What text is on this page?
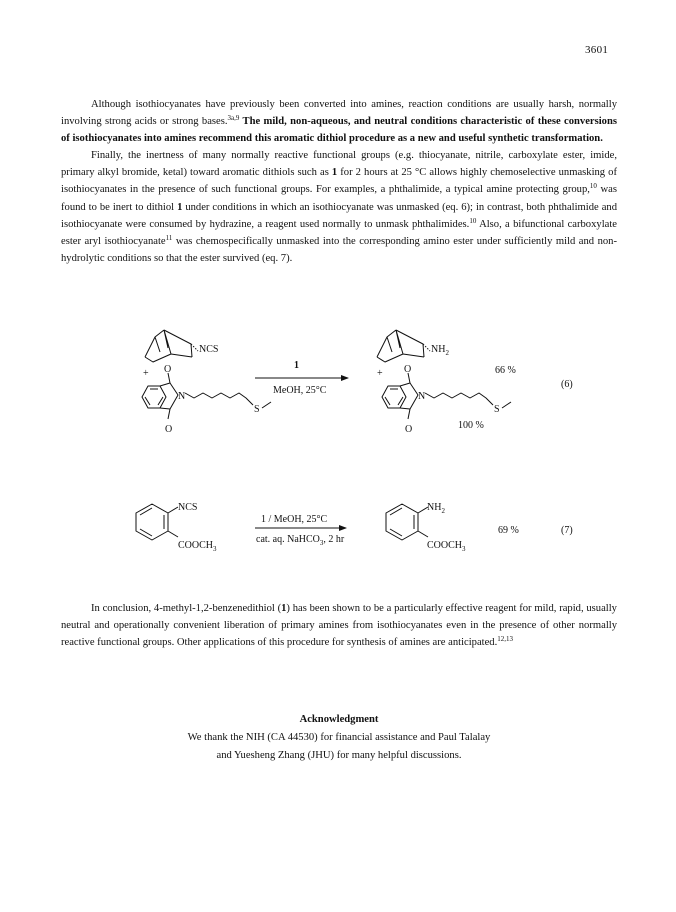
3601

Although isothiocyanates have previously been converted into amines, reaction conditions are usually harsh, normally involving strong acids or strong bases.$^{3a,9}$ The mild, non-aqueous, and neutral conditions characteristic of these conversions of isothiocyanates into amines recommend this aromatic dithiol procedure as a new and useful synthetic transformation.

Finally, the inertness of many normally reactive functional groups (e.g. thiocyanate, nitrile, carboxylate ester, imide, primary alkyl bromide, ketal) toward aromatic dithiols such as 1 for 2 hours at 25 °C allows highly chemoselective unmasking of isothiocyanates in the presence of such functional groups. For examples, a phthalimide, a typical amine protecting group,$^{10}$ was found to be inert to dithiol 1 under conditions in which an isothiocyanate was unmasked (eq. 6); in contrast, both phthalimide and isothiocyanate were consumed by hydrazine, a reagent used normally to unmask phthalimides.$^{10}$ Also, a bifunctional carboxylate ester aryl isothiocyanate$^{11}$ was chemospecifically unmasked into the corresponding amino ester under sufficiently mild and non-hydrolytic conditions so that the ester survived (eq. 7).

NCS
+ O
O
N
S
1
MeOH, 25°C
$NH_2$
66 %
(6)
+ O
O
N
S
100 %
NCS
$COOCH_3$
1 / MeOH, 25°C
cat. aq. NaHCO$_3$, 2 hr
$NH_2$
$COOCH_3$
69 %	(7)

In conclusion, 4-methyl-1,2-benzenedithiol (1) has been shown to be a particularly effective reagent for mild, rapid, usually neutral and operationally convenient liberation of primary amines from isothiocyanates even in the presence of other normally reactive functional groups. Other applications of this procedure for synthesis of amines are anticipated.$^{12,13}$

Acknowledgment
We thank the NIH (CA 44530) for financial assistance and Paul Talalay
and Yuesheng Zhang (JHU) for many helpful discussions.
